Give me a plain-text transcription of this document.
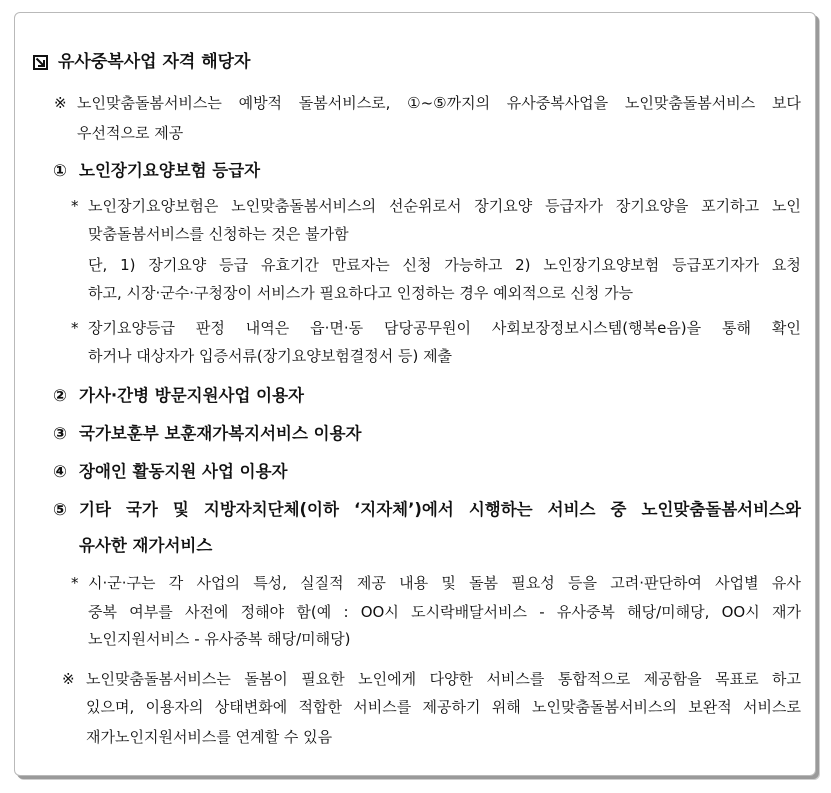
유사중복사업 자격 해당자
※ 노인맞춤돌봄서비스는 예방적 돌봄서비스로, ①~⑤까지의 유사중복사업을 노인맞춤돌봄서비스 보다
우선적으로 제공
① 노인장기요양보험 등급자
* 노인장기요양보험은 노인맞춤돌봄서비스의 선순위로서 장기요양 등급자가 장기요양을 포기하고 노인
맞춤돌봄서비스를 신청하는 것은 불가함
단, 1) 장기요양 등급 유효기간 만료자는 신청 가능하고 2) 노인장기요양보험 등급포기자가 요청
하고, 시장·군수·구청장이 서비스가 필요하다고 인정하는 경우 예외적으로 신청 가능
* 장기요양등급 판정 내역은 읍·면·동 담당공무원이 사회보장정보시스템(행복e음)을 통해 확인
하거나 대상자가 입증서류(장기요양보험결정서 등) 제출
② 가사·간병 방문지원사업 이용자
③ 국가보훈부 보훈재가복지서비스 이용자
④ 장애인 활동지원 사업 이용자
⑤ 기타 국가 및 지방자치단체(이하 ‘지자체’)에서 시행하는 서비스 중 노인맞춤돌봄서비스와
유사한 재가서비스
* 시·군·구는 각 사업의 특성, 실질적 제공 내용 및 돌봄 필요성 등을 고려·판단하여 사업별 유사
중복 여부를 사전에 정해야 함(예 : OO시 도시락배달서비스 - 유사중복 해당/미해당, OO시 재가
노인지원서비스 - 유사중복 해당/미해당)
※ 노인맞춤돌봄서비스는 돌봄이 필요한 노인에게 다양한 서비스를 통합적으로 제공함을 목표로 하고
있으며, 이용자의 상태변화에 적합한 서비스를 제공하기 위해 노인맞춤돌봄서비스의 보완적 서비스로
재가노인지원서비스를 연계할 수 있음
